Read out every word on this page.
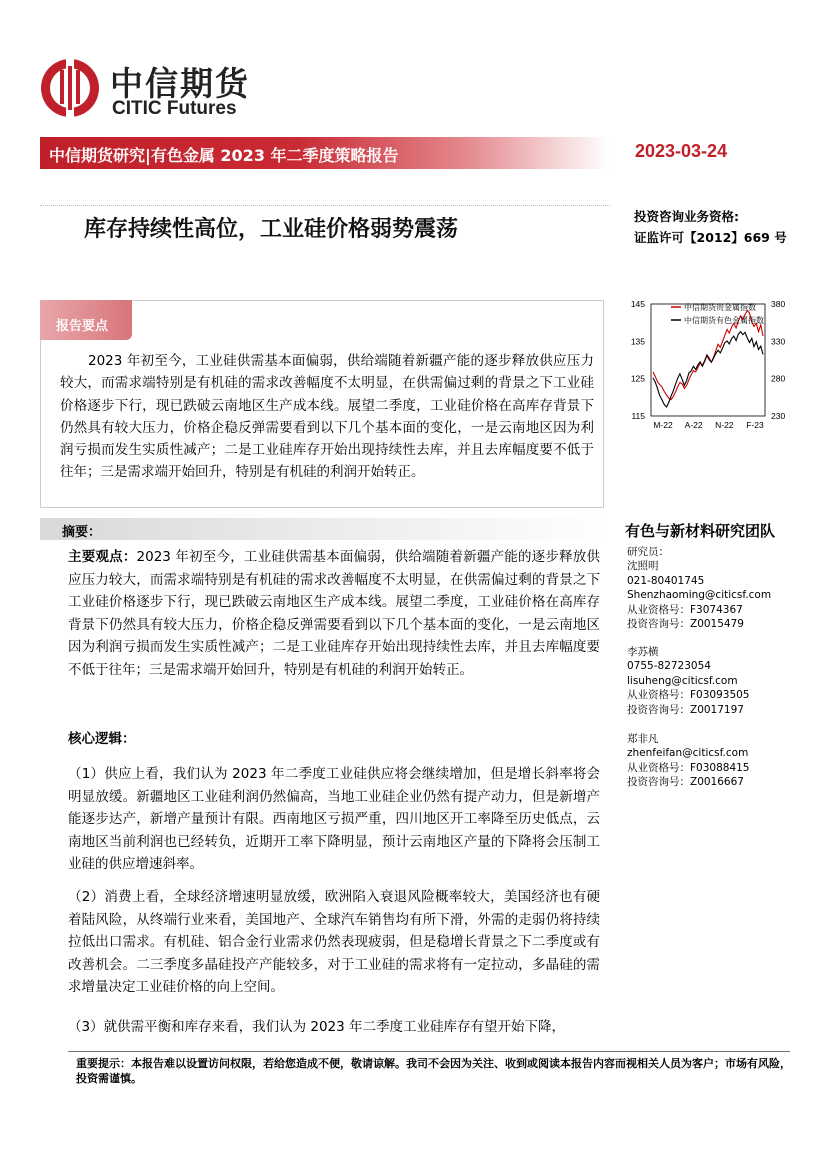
中信期货
CITIC Futures
中信期货研究|有色金属 2023 年二季度策略报告	2023-03-24
库存持续性高位，工业硅价格弱势震荡
投资咨询业务资格:
证监许可【2012】669 号
报告要点
2023 年初至今，工业硅供需基本面偏弱，供给端随着新疆产能的逐步释放供应压力较大，而需求端特别是有机硅的需求改善幅度不太明显，在供需偏过剩的背景之下工业硅价格逐步下行，现已跌破云南地区生产成本线。展望二季度，工业硅价格在高库存背景下仍然具有较大压力，价格企稳反弹需要看到以下几个基本面的变化，一是云南地区因为利润亏损而发生实质性减产；二是工业硅库存开始出现持续性去库，并且去库幅度要不低于往年；三是需求端开始回升，特别是有机硅的利润开始转正。
145
135
125
115
380
330
280
230
M-22 A-22 N-22 F-23
中信期货贵金属指数
中信期货有色金属指数
摘要：
主要观点：2023 年初至今，工业硅供需基本面偏弱，供给端随着新疆产能的逐步释放供应压力较大，而需求端特别是有机硅的需求改善幅度不太明显，在供需偏过剩的背景之下工业硅价格逐步下行，现已跌破云南地区生产成本线。展望二季度，工业硅价格在高库存背景下仍然具有较大压力，价格企稳反弹需要看到以下几个基本面的变化，一是云南地区因为利润亏损而发生实质性减产；二是工业硅库存开始出现持续性去库，并且去库幅度要不低于往年；三是需求端开始回升，特别是有机硅的利润开始转正。
核心逻辑：
（1）供应上看，我们认为 2023 年二季度工业硅供应将会继续增加，但是增长斜率将会明显放缓。新疆地区工业硅利润仍然偏高，当地工业硅企业仍然有提产动力，但是新增产能逐步达产，新增产量预计有限。西南地区亏损严重，四川地区开工率降至历史低点，云南地区当前利润也已经转负，近期开工率下降明显，预计云南地区产量的下降将会压制工业硅的供应增速斜率。
（2）消费上看，全球经济增速明显放缓，欧洲陷入衰退风险概率较大，美国经济也有硬着陆风险，从终端行业来看，美国地产、全球汽车销售均有所下滑，外需的走弱仍将持续拉低出口需求。有机硅、铝合金行业需求仍然表现疲弱，但是稳增长背景之下二季度或有改善机会。二三季度多晶硅投产产能较多，对于工业硅的需求将有一定拉动，多晶硅的需求增量决定工业硅价格的向上空间。
（3）就供需平衡和库存来看，我们认为 2023 年二季度工业硅库存有望开始下降，
有色与新材料研究团队
研究员：
沈照明
021-80401745
Shenzhaoming@citicsf.com
从业资格号：F3074367
投资咨询号：Z0015479
李苏横
0755-82723054
lisuheng@citicsf.com
从业资格号：F03093505
投资咨询号：Z0017197
郑非凡
zhenfeifan@citicsf.com
从业资格号：F03088415
投资咨询号：Z0016667
重要提示：本报告难以设置访问权限，若给您造成不便，敬请谅解。我司不会因为关注、收到或阅读本报告内容而视相关人员为客户；市场有风险，投资需谨慎。
